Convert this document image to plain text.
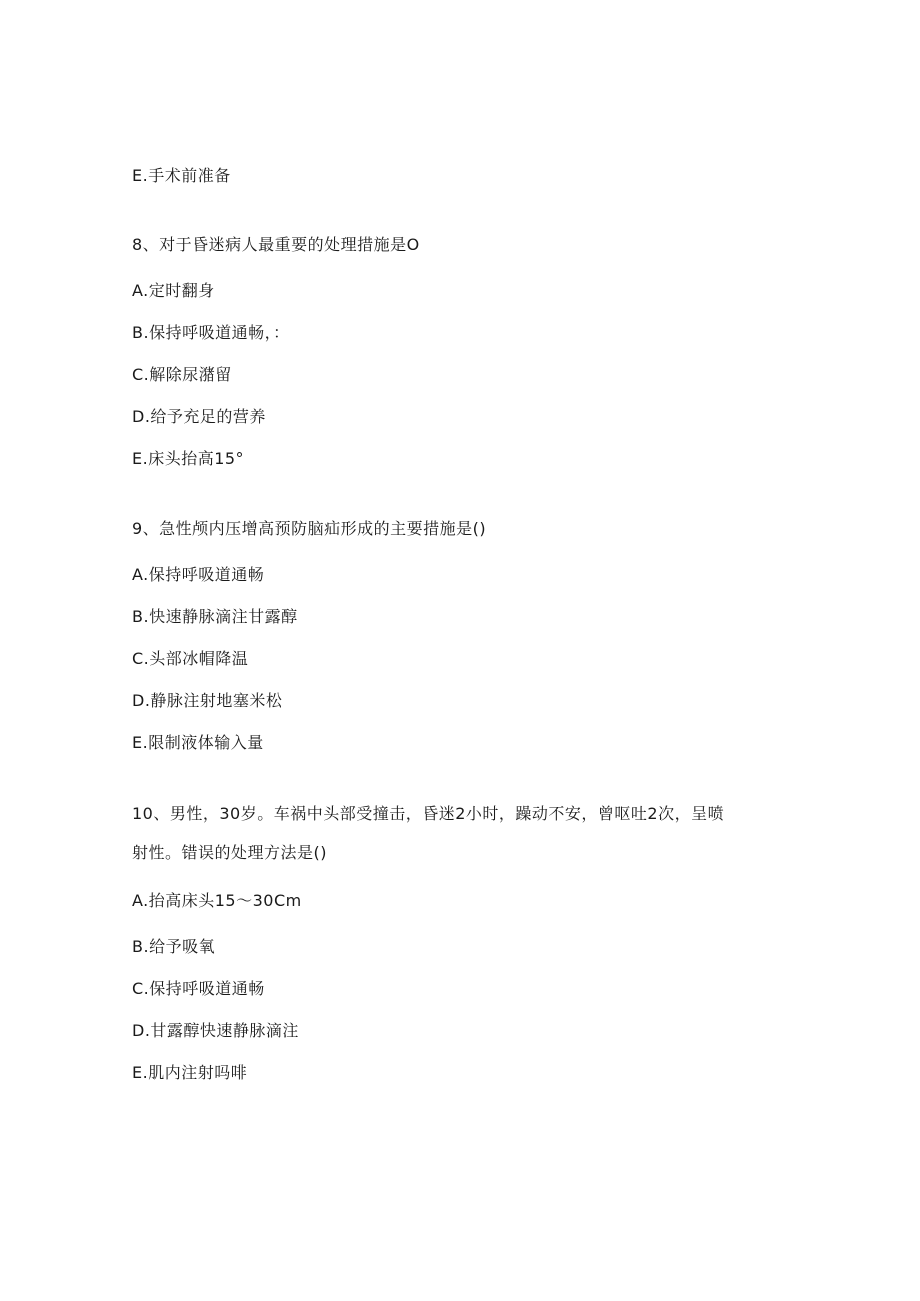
E.手术前准备
8、对于昏迷病人最重要的处理措施是O
A.定时翻身
B.保持呼吸道通畅，：
C.解除尿潴留
D.给予充足的营养
E.床头抬高15°
9、急性颅内压增高预防脑疝形成的主要措施是()
A.保持呼吸道通畅
B.快速静脉滴注甘露醇
C.头部冰帽降温
D.静脉注射地塞米松
E.限制液体输入量
10、男性，30岁。车祸中头部受撞击，昏迷2小时，躁动不安，曾呕吐2次，呈喷
射性。错误的处理方法是()
A.抬高床头15～30Cm
B.给予吸氧
C.保持呼吸道通畅
D.甘露醇快速静脉滴注
E.肌内注射吗啡
